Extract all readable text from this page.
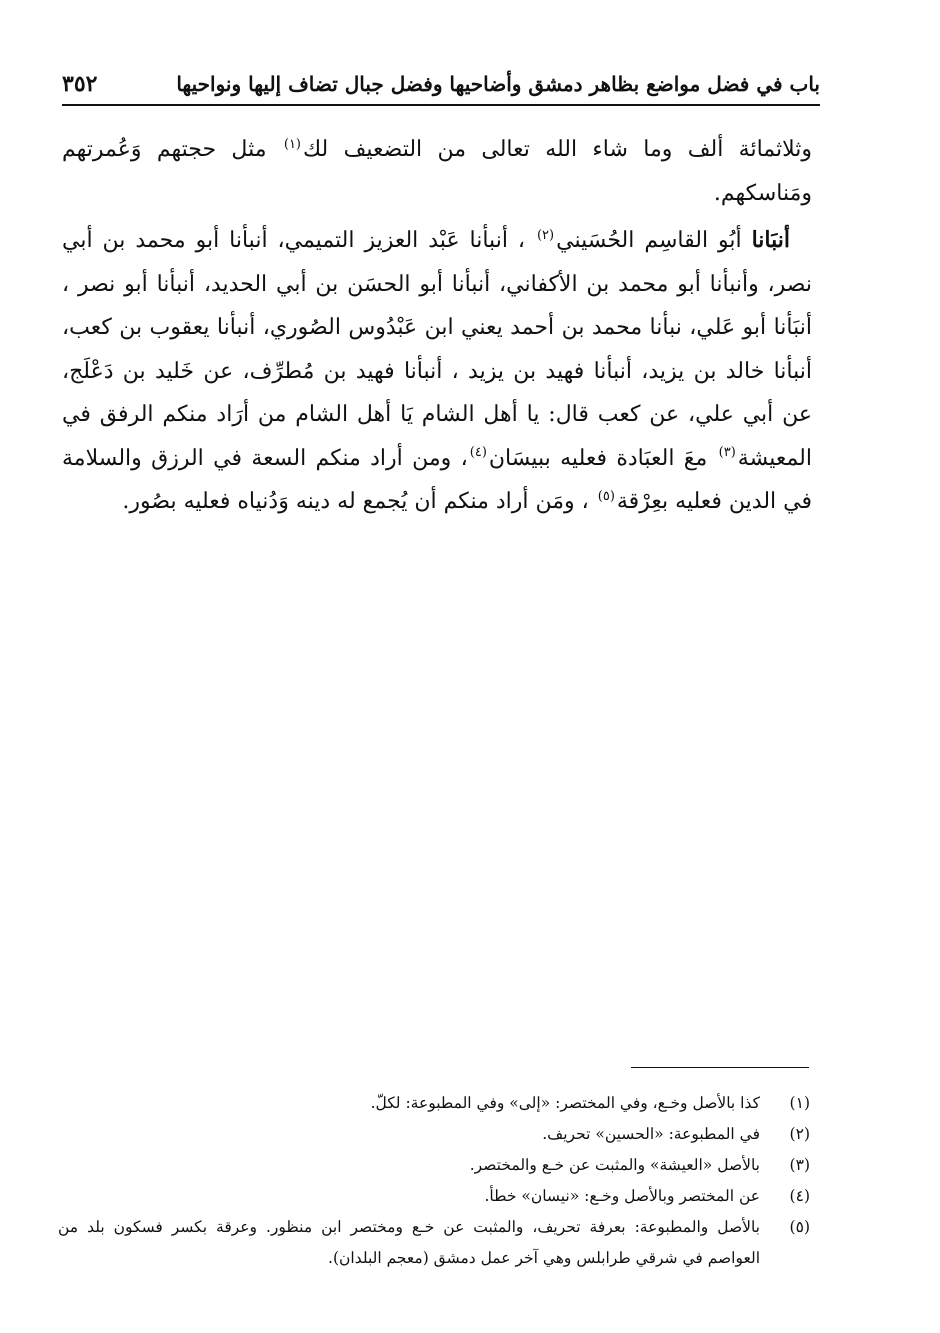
باب في فضل مواضع بظاهر دمشق وأضاحيها وفضل جبال تضاف إليها ونواحيها
٣٥٢

وثلاثمائة ألف وما شاء الله تعالى من التضعيف لك$^{(١)}$ مثل حجتهم وَعُمرتهم ومَناسكهم.

 أنبَانا أبُو القاسِم الحُسَيني$^{(٢)}$ ، أنبأنا عَبْد العزيز التميمي، أنبأنا أبو محمد بن أبي نصر، وأنبأنا أبو محمد بن الأكفاني، أنبأنا أبو الحسَن بن أبي الحديد، أنبأنا أبو نصر ، أنبَأنا أبو عَلي، نبأنا محمد بن أحمد يعني ابن عَبْدُوس الصُوري، أنبأنا يعقوب بن كعب، أنبأنا خالد بن يزيد، أنبأنا فهيد بن يزيد ، أنبأنا فهيد بن مُطرِّف، عن خَليد بن دَعْلَج، عن أبي علي، عن كعب قال: يا أهل الشام يَا أهل الشام من أرَاد منكم الرفق في المعيشة$^{(٣)}$ معَ العبَادة فعليه ببيسَان$^{(٤)}$، ومن أراد منكم السعة في الرزق والسلامة في الدين فعليه بعِرْقة$^{(٥)}$ ، ومَن أراد منكم أن يُجمع له دينه وَدُنياه فعليه بصُور.

(١)
كذا بالأصل وخـع، وفي المختصر: «إلى» وفي المطبوعة: لكلّ.
(٢)
في المطبوعة: «الحسين» تحريف.
(٣)
بالأصل «العيشة» والمثبت عن خـع والمختصر.
(٤)
عن المختصر وبالأصل وخـع: «نيسان» خطأ.
(٥)
بالأصل والمطبوعة: بعرفة تحريف، والمثبت عن خـع ومختصر ابن منظور. وعرقة بكسر فسكون بلد من العواصم في شرقي طرابلس وهي آخر عمل دمشق (معجم البلدان).
